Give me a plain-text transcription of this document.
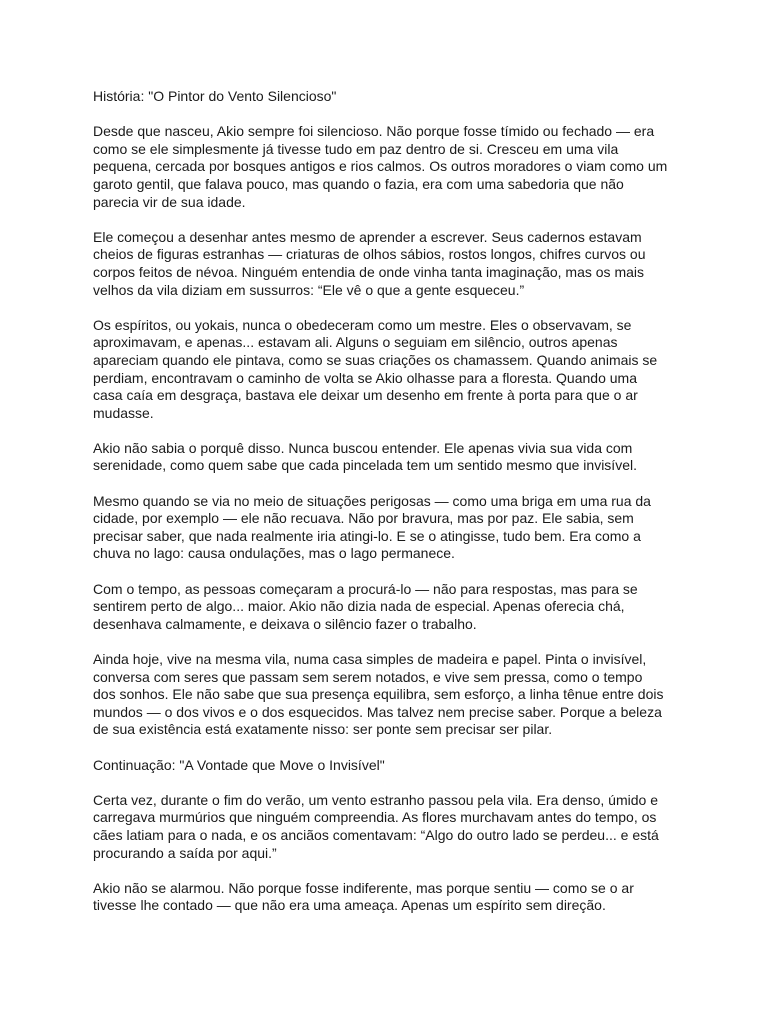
História: "O Pintor do Vento Silencioso"

Desde que nasceu, Akio sempre foi silencioso. Não porque fosse tímido ou fechado — era
como se ele simplesmente já tivesse tudo em paz dentro de si. Cresceu em uma vila
pequena, cercada por bosques antigos e rios calmos. Os outros moradores o viam como um
garoto gentil, que falava pouco, mas quando o fazia, era com uma sabedoria que não
parecia vir de sua idade.

Ele começou a desenhar antes mesmo de aprender a escrever. Seus cadernos estavam
cheios de figuras estranhas — criaturas de olhos sábios, rostos longos, chifres curvos ou
corpos feitos de névoa. Ninguém entendia de onde vinha tanta imaginação, mas os mais
velhos da vila diziam em sussurros: “Ele vê o que a gente esqueceu.”

Os espíritos, ou yokais, nunca o obedeceram como um mestre. Eles o observavam, se
aproximavam, e apenas... estavam ali. Alguns o seguiam em silêncio, outros apenas
apareciam quando ele pintava, como se suas criações os chamassem. Quando animais se
perdiam, encontravam o caminho de volta se Akio olhasse para a floresta. Quando uma
casa caía em desgraça, bastava ele deixar um desenho em frente à porta para que o ar
mudasse.

Akio não sabia o porquê disso. Nunca buscou entender. Ele apenas vivia sua vida com
serenidade, como quem sabe que cada pincelada tem um sentido mesmo que invisível.

Mesmo quando se via no meio de situações perigosas — como uma briga em uma rua da
cidade, por exemplo — ele não recuava. Não por bravura, mas por paz. Ele sabia, sem
precisar saber, que nada realmente iria atingi-lo. E se o atingisse, tudo bem. Era como a
chuva no lago: causa ondulações, mas o lago permanece.

Com o tempo, as pessoas começaram a procurá-lo — não para respostas, mas para se
sentirem perto de algo... maior. Akio não dizia nada de especial. Apenas oferecia chá,
desenhava calmamente, e deixava o silêncio fazer o trabalho.

Ainda hoje, vive na mesma vila, numa casa simples de madeira e papel. Pinta o invisível,
conversa com seres que passam sem serem notados, e vive sem pressa, como o tempo
dos sonhos. Ele não sabe que sua presença equilibra, sem esforço, a linha tênue entre dois
mundos — o dos vivos e o dos esquecidos. Mas talvez nem precise saber. Porque a beleza
de sua existência está exatamente nisso: ser ponte sem precisar ser pilar.

Continuação: "A Vontade que Move o Invisível"

Certa vez, durante o fim do verão, um vento estranho passou pela vila. Era denso, úmido e
carregava murmúrios que ninguém compreendia. As flores murchavam antes do tempo, os
cães latiam para o nada, e os anciãos comentavam: “Algo do outro lado se perdeu... e está
procurando a saída por aqui.”

Akio não se alarmou. Não porque fosse indiferente, mas porque sentiu — como se o ar
tivesse lhe contado — que não era uma ameaça. Apenas um espírito sem direção.
